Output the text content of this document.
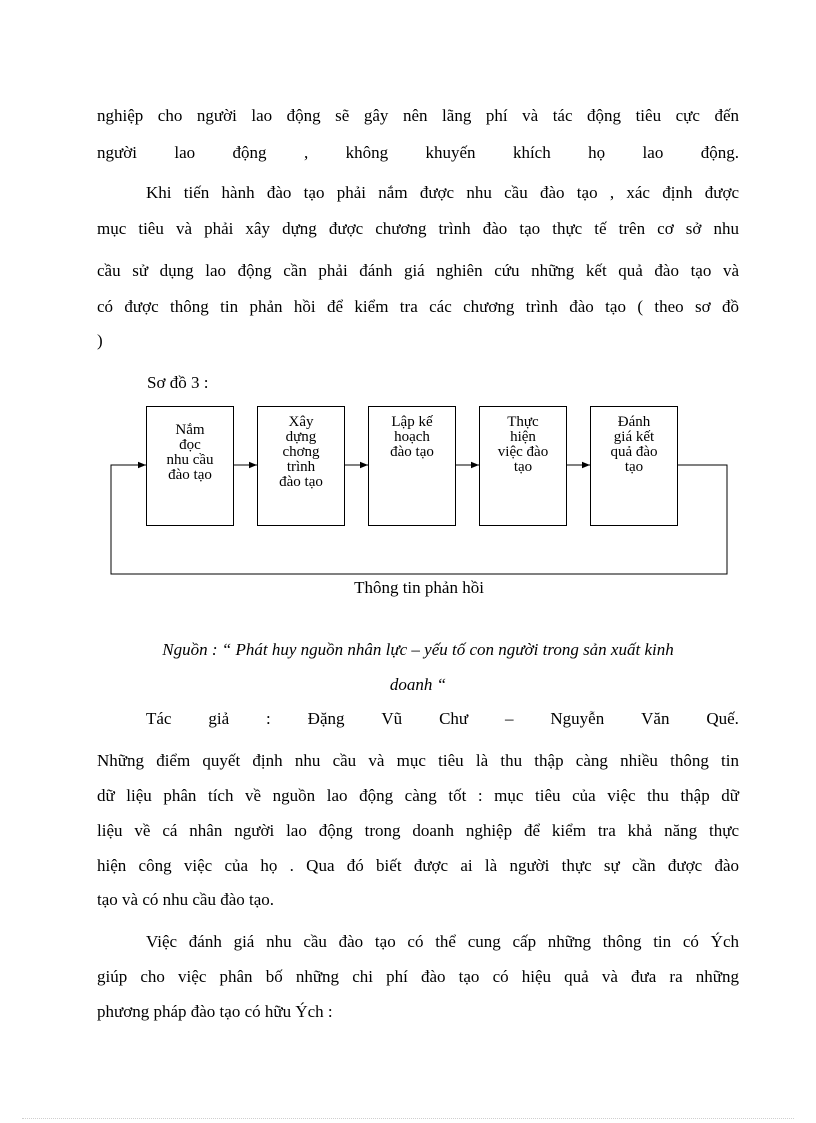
nghiệp cho người lao động sẽ gây nên lãng phí và tác động tiêu cực đến
người lao động , không khuyến khích họ lao động.
Khi tiến hành đào tạo phải nắm được nhu cầu đào tạo , xác định được
mục tiêu và phải xây dựng được chương trình đào tạo thực tế trên cơ sở nhu
cầu sử dụng lao động cần phải đánh giá nghiên cứu những kết quả đào tạo và
có được thông tin phản hồi để kiểm tra các chương trình đào tạo ( theo sơ đồ
)
Sơ đồ 3 :
Nắm
đọc
nhu cầu
đào tạo
Xây
dựng
chơng
trình
đào tạo
Lập kế
hoạch
đào tạo
Thực
hiện
việc đào
tạo
Đánh
giá kết
quả đào
tạo
Thông tin phản hồi
Nguồn : “ Phát huy nguồn nhân lực – yếu tố con người trong sản xuất kinh
doanh “
Tác giả : Đặng Vũ Chư – Nguyễn Văn Quế.
Những điểm quyết định nhu cầu và mục tiêu là thu thập càng nhiều thông tin
dữ liệu phân tích về nguồn lao động càng tốt : mục tiêu của việc thu thập dữ
liệu về cá nhân người lao động trong doanh nghiệp để kiểm tra khả năng thực
hiện công việc của họ . Qua đó biết được ai là người thực sự cần được đào
tạo và có nhu cầu đào tạo.
Việc đánh giá nhu cầu đào tạo có thể cung cấp những thông tin có Ých
giúp cho việc phân bố những chi phí đào tạo có hiệu quả và đưa ra những
phương pháp đào tạo có hữu Ých :
